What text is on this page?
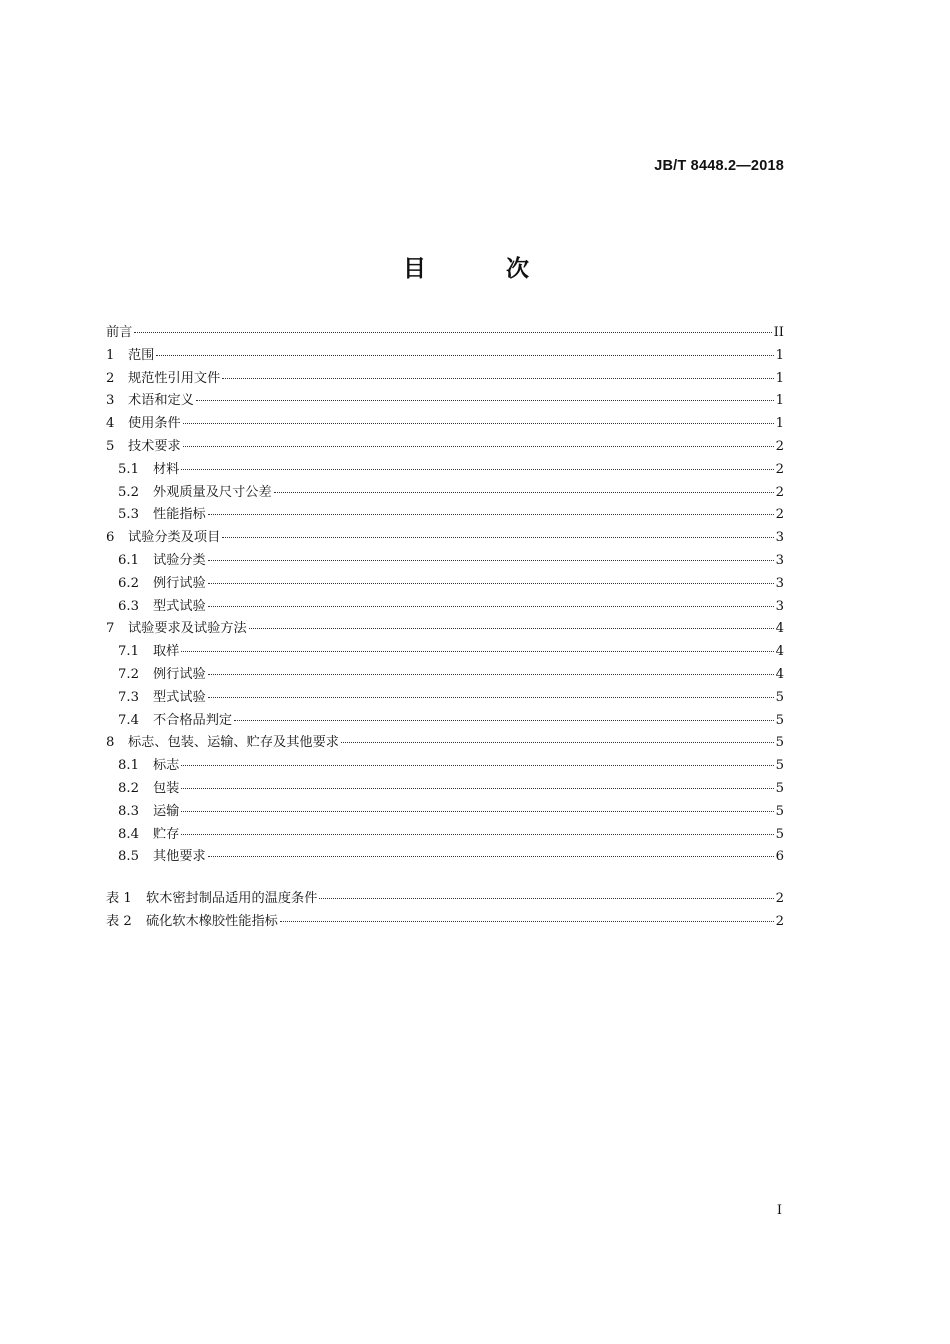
JB/T 8448.2—2018
目 次
前言	II
1	范围	1
2	规范性引用文件	1
3	术语和定义	1
4	使用条件	1
5	技术要求	2
5.1	材料	2
5.2	外观质量及尺寸公差	2
5.3	性能指标	2
6	试验分类及项目	3
6.1	试验分类	3
6.2	例行试验	3
6.3	型式试验	3
7	试验要求及试验方法	4
7.1	取样	4
7.2	例行试验	4
7.3	型式试验	5
7.4	不合格品判定	5
8	标志、包装、运输、贮存及其他要求	5
8.1	标志	5
8.2	包装	5
8.3	运输	5
8.4	贮存	5
8.5	其他要求	6
表 1	软木密封制品适用的温度条件	2
表 2	硫化软木橡胶性能指标	2
I
